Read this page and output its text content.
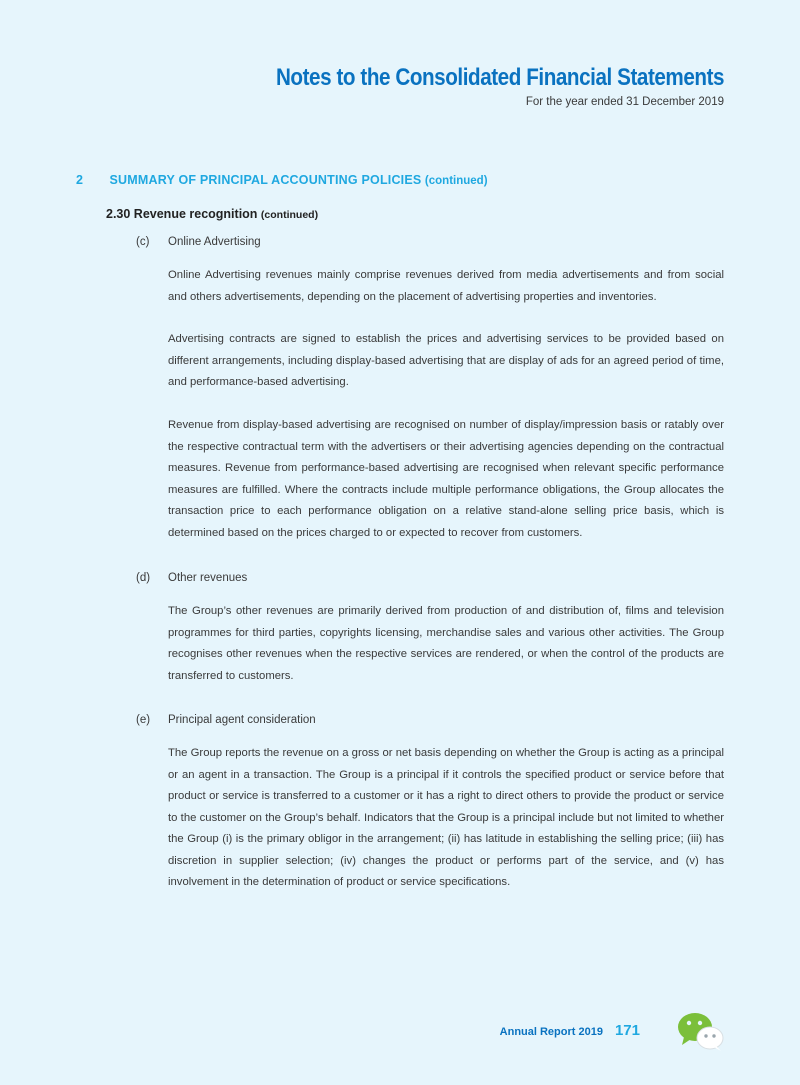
Notes to the Consolidated Financial Statements
For the year ended 31 December 2019
2 SUMMARY OF PRINCIPAL ACCOUNTING POLICIES (continued)
2.30 Revenue recognition (continued)
(c) Online Advertising
Online Advertising revenues mainly comprise revenues derived from media advertisements and from social and others advertisements, depending on the placement of advertising properties and inventories.
Advertising contracts are signed to establish the prices and advertising services to be provided based on different arrangements, including display-based advertising that are display of ads for an agreed period of time, and performance-based advertising.
Revenue from display-based advertising are recognised on number of display/impression basis or ratably over the respective contractual term with the advertisers or their advertising agencies depending on the contractual measures. Revenue from performance-based advertising are recognised when relevant specific performance measures are fulfilled. Where the contracts include multiple performance obligations, the Group allocates the transaction price to each performance obligation on a relative stand-alone selling price basis, which is determined based on the prices charged to or expected to recover from customers.
(d) Other revenues
The Group’s other revenues are primarily derived from production of and distribution of, films and television programmes for third parties, copyrights licensing, merchandise sales and various other activities. The Group recognises other revenues when the respective services are rendered, or when the control of the products are transferred to customers.
(e) Principal agent consideration
The Group reports the revenue on a gross or net basis depending on whether the Group is acting as a principal or an agent in a transaction. The Group is a principal if it controls the specified product or service before that product or service is transferred to a customer or it has a right to direct others to provide the product or service to the customer on the Group’s behalf. Indicators that the Group is a principal include but not limited to whether the Group (i) is the primary obligor in the arrangement; (ii) has latitude in establishing the selling price; (iii) has discretion in supplier selection; (iv) changes the product or performs part of the service, and (v) has involvement in the determination of product or service specifications.
Annual Report 2019 171
